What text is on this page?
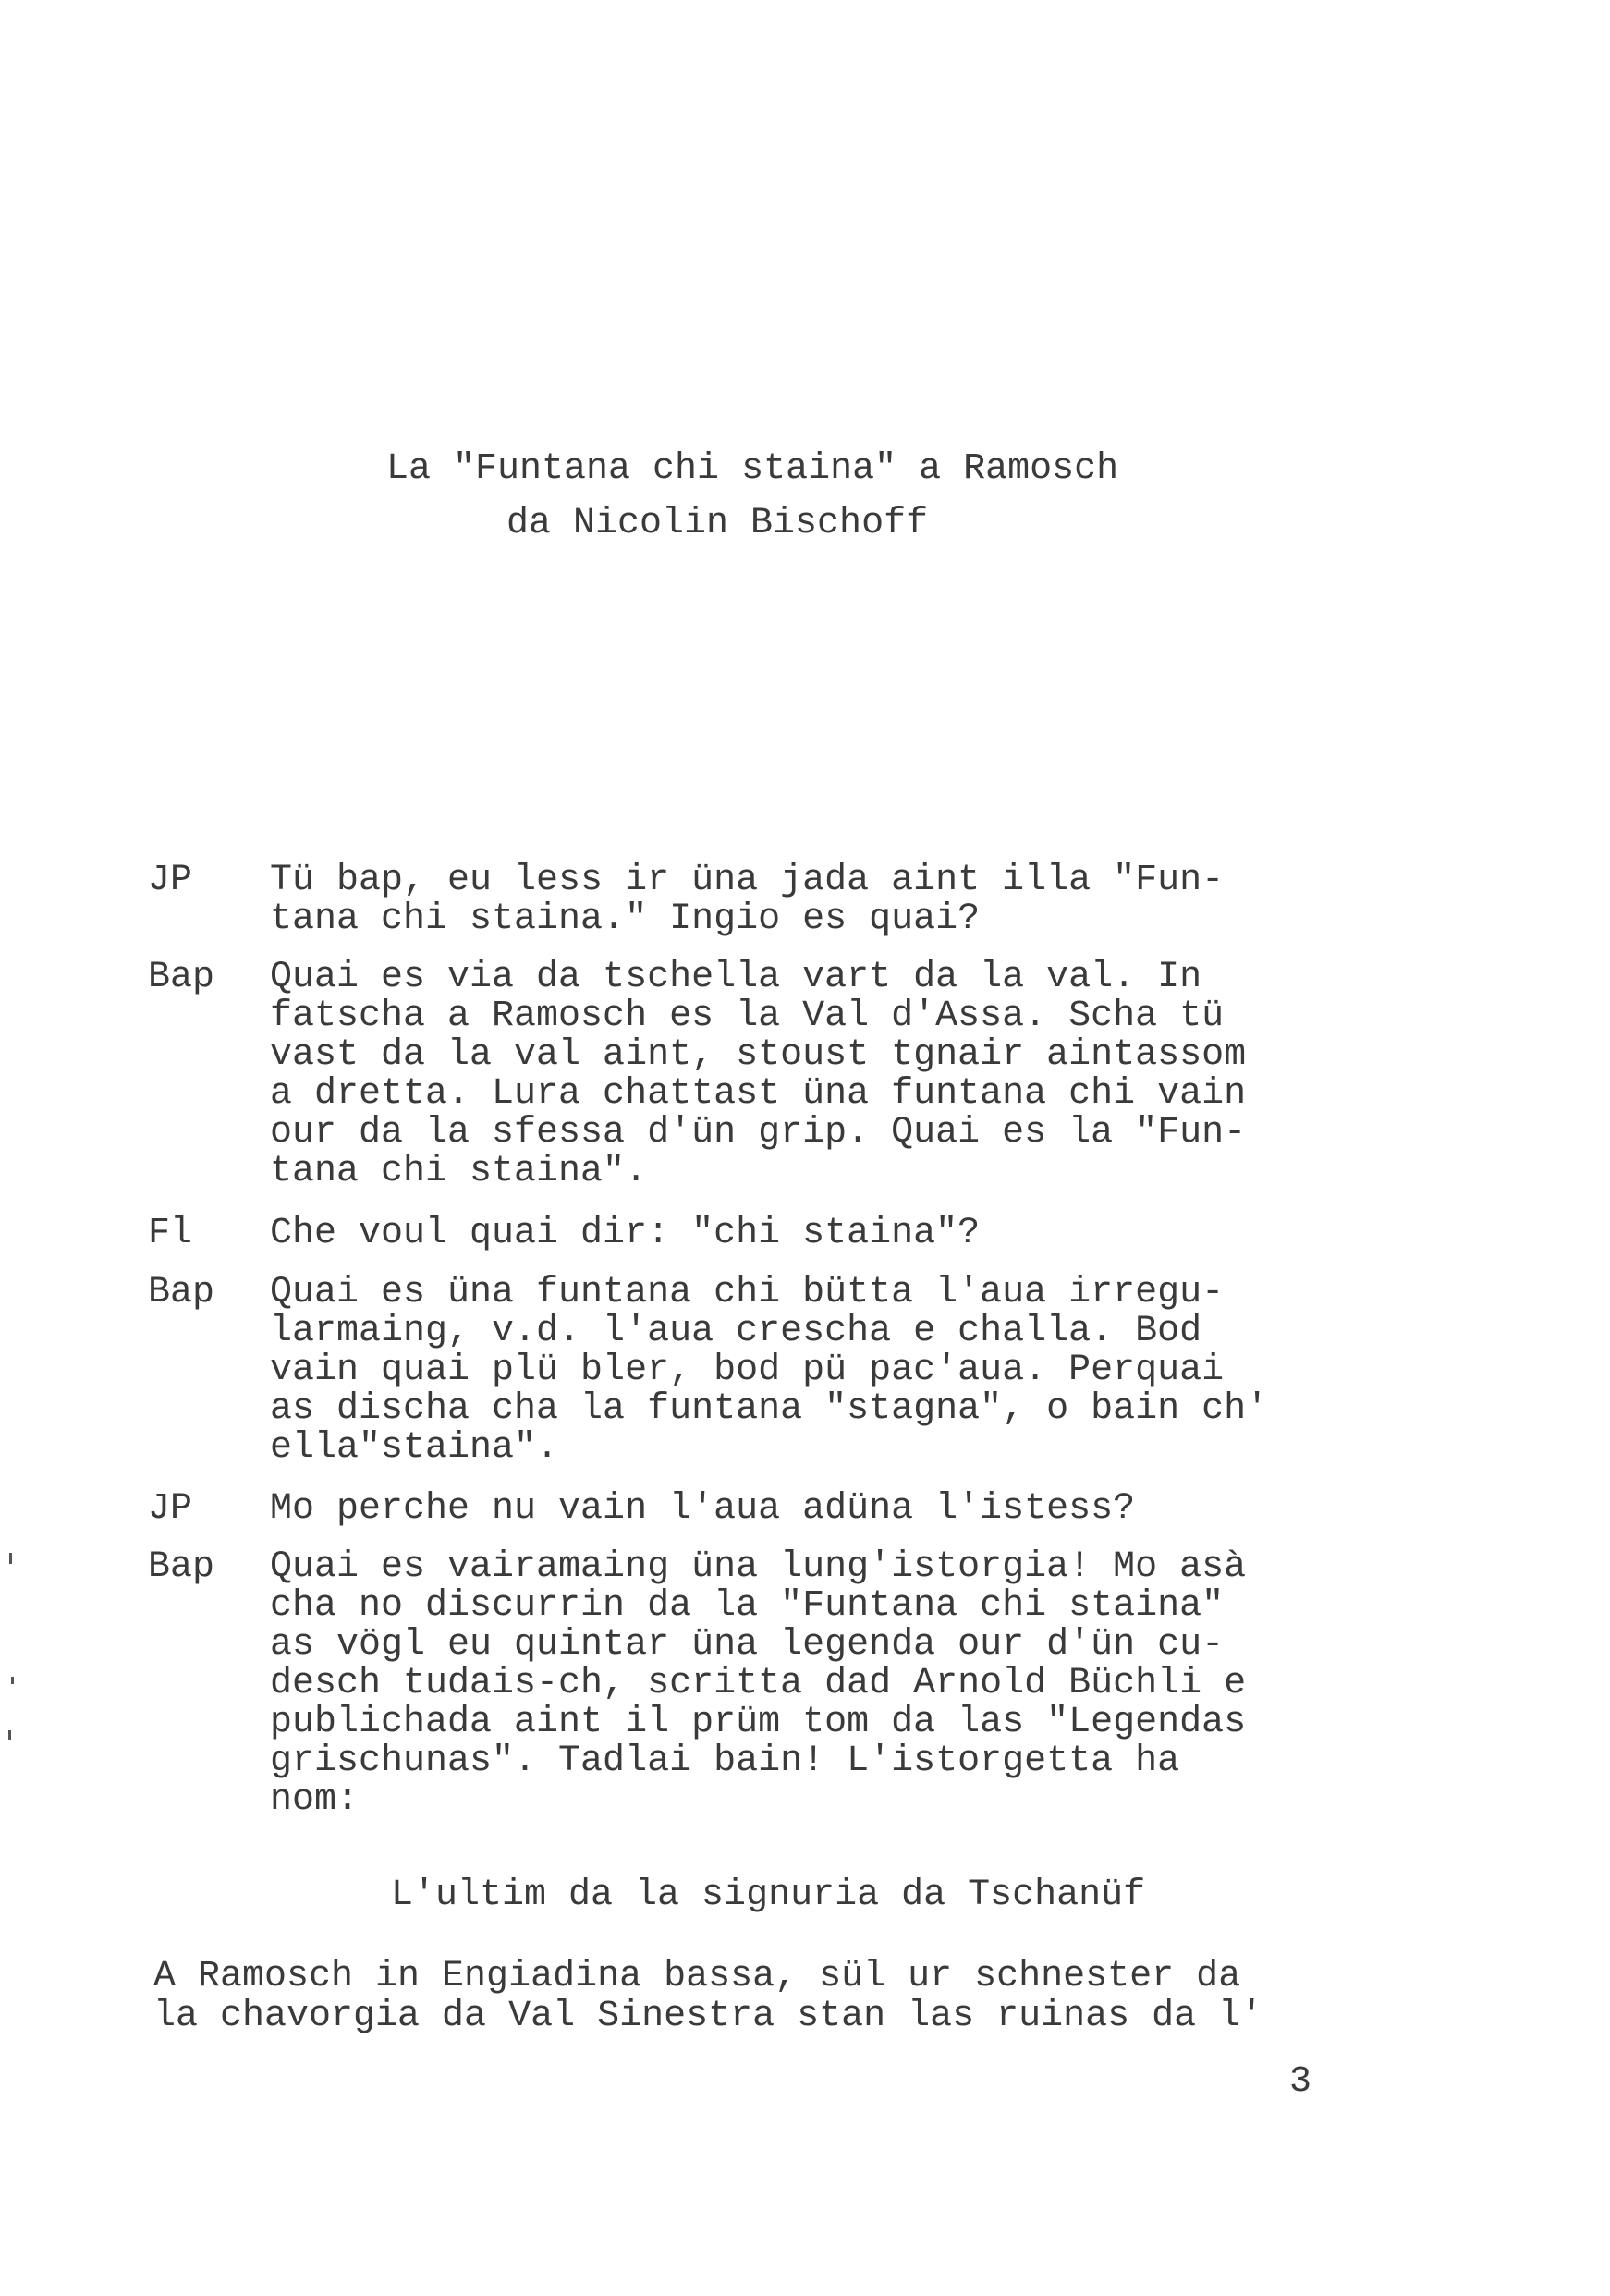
La "Funtana chi staina" a Ramosch
da Nicolin Bischoff
JP Tü bap, eu less ir üna jada aint illa "Fun-
tana chi staina." Ingio es quai?
Bap Quai es via da tschella vart da la val. In
fatscha a Ramosch es la Val d'Assa. Scha tü
vast da la val aint, stoust tgnair aintassom
a dretta. Lura chattast üna funtana chi vain
our da la sfessa d'ün grip. Quai es la "Fun-
tana chi staina".
Fl Che voul quai dir: "chi staina"?
Bap Quai es üna funtana chi bütta l'aua irregu-
larmaing, v.d. l'aua crescha e challa. Bod
vain quai plü bler, bod pü pac'aua. Perquai
as discha cha la funtana "stagna", o bain ch'
ella"staina".
JP Mo perche nu vain l'aua adüna l'istess?
Bap Quai es vairamaing üna lung'istorgia! Mo asà
cha no discurrin da la "Funtana chi staina"
as vögl eu quintar üna legenda our d'ün cu-
desch tudais-ch, scritta dad Arnold Büchli e
publichada aint il prüm tom da las "Legendas
grischunas". Tadlai bain! L'istorgetta ha
nom:
L'ultim da la signuria da Tschanüf
A Ramosch in Engiadina bassa, sül ur schnester da
la chavorgia da Val Sinestra stan las ruinas da l'
3
